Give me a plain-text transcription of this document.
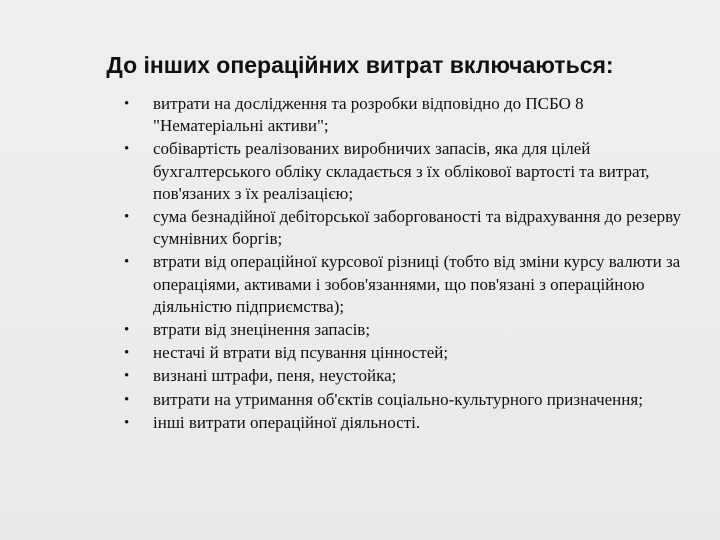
До інших операційних витрат включаються:
• витрати на дослідження та розробки відповідно до ПСБО 8 "Нематеріальні активи";
• собівартість реалізованих виробничих запасів, яка для цілей бухгалтерського обліку складається з їх облікової вартості та витрат, пов'язаних з їх реалізацією;
• сума безнадійної дебіторської заборгованості та відрахування до резерву сумнівних боргів;
• втрати від операційної курсової різниці (тобто від зміни курсу валюти за операціями, активами і зобов'язаннями, що пов'язані з операційною діяльністю підприємства);
• втрати від знецінення запасів;
• нестачі й втрати від псування цінностей;
• визнані штрафи, пеня, неустойка;
• витрати на утримання об'єктів соціально-культурного призначення;
• інші витрати операційної діяльності.
